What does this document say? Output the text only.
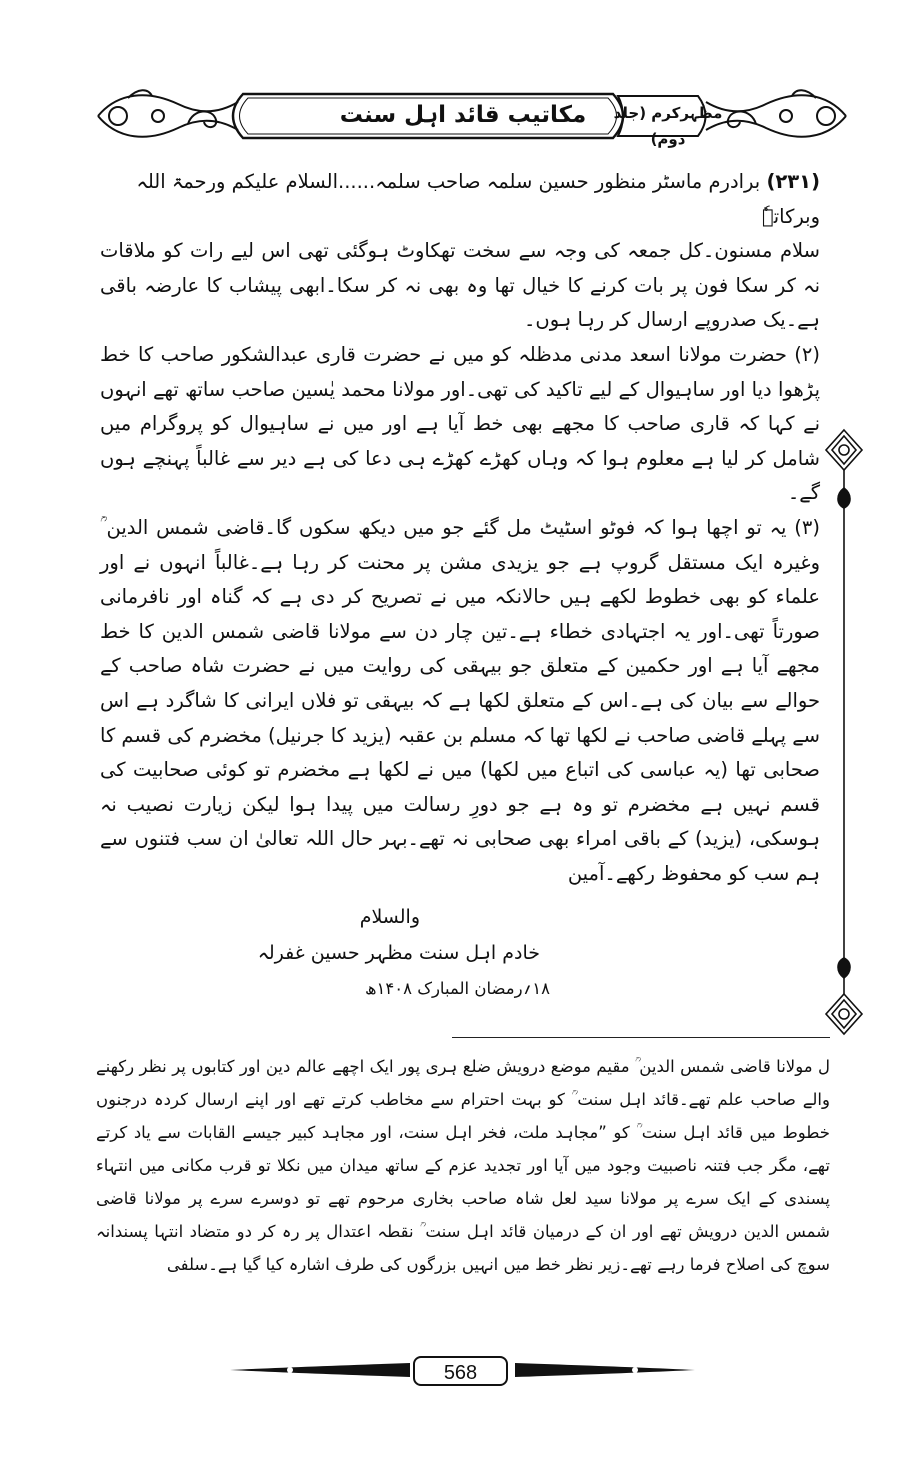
مکاتیب قائد اہل سنت	مظہرکرم (جلد دوم)

(۲۳۱) برادرم ماسٹر منظور حسین سلمہ صاحب سلمہ......السلام علیکم ورحمۃ اللہ وبرکاتہٗ

سلام مسنون۔کل جمعہ کی وجہ سے سخت تھکاوٹ ہوگئی تھی اس لیے رات کو ملاقات نہ کر سکا فون پر بات کرنے کا خیال تھا وہ بھی نہ کر سکا۔ابھی پیشاب کا عارضہ باقی ہے۔یک صدروپے ارسال کر رہا ہوں۔

(۲) حضرت مولانا اسعد مدنی مدظلہ کو میں نے حضرت قاری عبدالشکور صاحب کا خط پڑھوا دیا اور ساہیوال کے لیے تاکید کی تھی۔اور مولانا محمد یٰسین صاحب ساتھ تھے انہوں نے کہا کہ قاری صاحب کا مجھے بھی خط آیا ہے اور میں نے ساہیوال کو پروگرام میں شامل کر لیا ہے معلوم ہوا کہ وہاں کھڑے کھڑے ہی دعا کی ہے دیر سے غالباً پہنچے ہوں گے۔

(۳) یہ تو اچھا ہوا کہ فوٹو اسٹیٹ مل گئے جو میں دیکھ سکوں گا۔قاضی شمس الدین ؒ وغیرہ ایک مستقل گروپ ہے جو یزیدی مشن پر محنت کر رہا ہے۔غالباً انہوں نے اور علماء کو بھی خطوط لکھے ہیں حالانکہ میں نے تصریح کر دی ہے کہ گناہ اور نافرمانی صورتاً تھی۔اور یہ اجتہادی خطاء ہے۔تین چار دن سے مولانا قاضی شمس الدین کا خط مجھے آیا ہے اور حکمین کے متعلق جو بیہقی کی روایت میں نے حضرت شاہ صاحب کے حوالے سے بیان کی ہے۔اس کے متعلق لکھا ہے کہ بیہقی تو فلاں ایرانی کا شاگرد ہے اس سے پہلے قاضی صاحب نے لکھا تھا کہ مسلم بن عقبہ (یزید کا جرنیل) مخضرم کی قسم کا صحابی تھا (یہ عباسی کی اتباع میں لکھا) میں نے لکھا ہے مخضرم تو کوئی صحابیت کی قسم نہیں ہے مخضرم تو وہ ہے جو دورِ رسالت میں پیدا ہوا لیکن زیارت نصیب نہ ہوسکی، (یزید) کے باقی امراء بھی صحابی نہ تھے۔بہر حال اللہ تعالیٰ ان سب فتنوں سے ہم سب کو محفوظ رکھے۔آمین

والسلام
خادم اہل سنت مظہر حسین غفرلہ
۱۸؍رمضان المبارک ۱۴۰۸ھ

ل مولانا قاضی شمس الدین ؒ مقیم موضع درویش ضلع ہری پور ایک اچھے عالم دین اور کتابوں پر نظر رکھنے والے صاحب علم تھے۔قائد اہل سنت ؒ کو بہت احترام سے مخاطب کرتے تھے اور اپنے ارسال کردہ درجنوں خطوط میں قائد اہل سنت ؒ کو ”مجاہد ملت، فخر اہل سنت، اور مجاہد کبیر جیسے القابات سے یاد کرتے تھے، مگر جب فتنہ ناصبیت وجود میں آیا اور تجدید عزم کے ساتھ میدان میں نکلا تو قرب مکانی میں انتہاء پسندی کے ایک سرے پر مولانا سید لعل شاہ صاحب بخاری مرحوم تھے تو دوسرے سرے پر مولانا قاضی شمس الدین درویش تھے اور ان کے درمیان قائد اہل سنت ؒ نقطہ اعتدال پر رہ کر دو متضاد انتہا پسندانہ سوچ کی اصلاح فرما رہے تھے۔زیر نظر خط میں انہیں بزرگوں کی طرف اشارہ کیا گیا ہے۔سلفی

568
